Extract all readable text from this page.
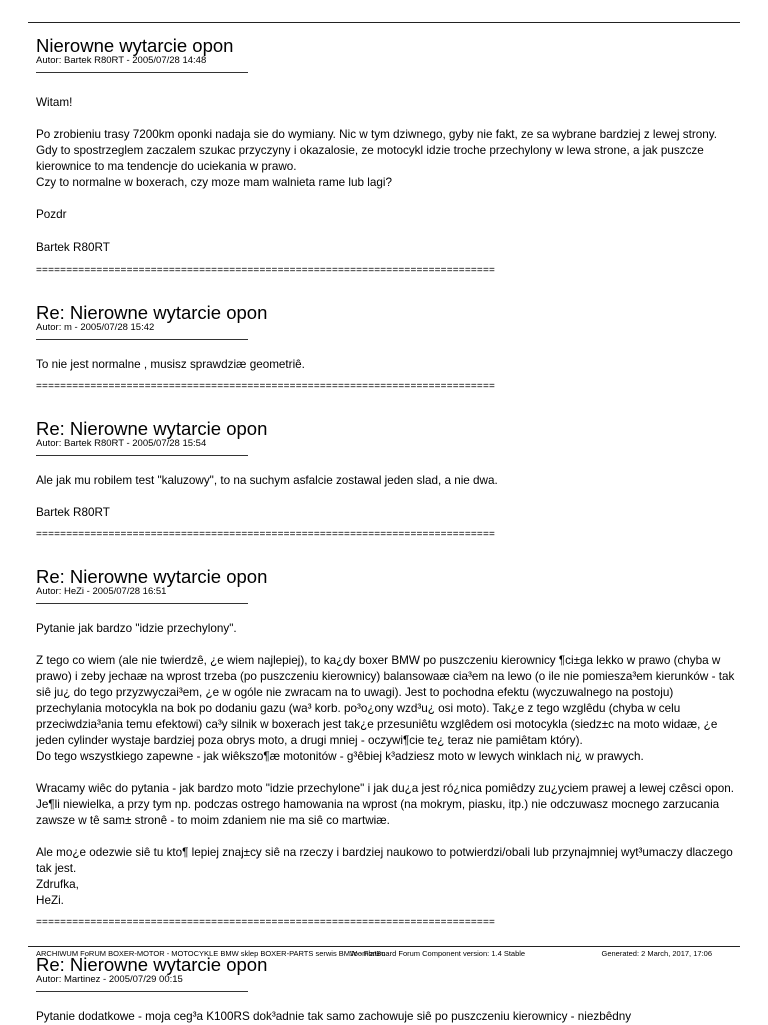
Nierowne wytarcie opon
Autor: Bartek R80RT - 2005/07/28 14:48

Witam!

Po zrobieniu trasy 7200km oponki nadaja sie do wymiany. Nic w tym dziwnego, gyby nie fakt, ze sa wybrane bardziej z lewej strony. Gdy to spostrzeglem zaczalem szukac przyczyny i okazalosie, ze motocykl idzie troche przechylony w lewa strone, a jak puszcze kierownice to ma tendencje do uciekania w prawo.
Czy to normalne w boxerach, czy moze mam walnieta rame lub lagi?

Pozdr

Bartek R80RT

============================================================================
Re: Nierowne wytarcie opon
Autor: m - 2005/07/28 15:42

To nie jest normalne , musisz sprawdziæ geometriê.

============================================================================
Re: Nierowne wytarcie opon
Autor: Bartek R80RT - 2005/07/28 15:54

Ale jak mu robilem test "kaluzowy", to na suchym asfalcie zostawal jeden slad, a nie dwa.

Bartek R80RT

============================================================================
Re: Nierowne wytarcie opon
Autor: HeZi - 2005/07/28 16:51

Pytanie jak bardzo "idzie przechylony".

Z tego co wiem (ale nie twierdzê, ¿e wiem najlepiej), to ka¿dy boxer BMW po puszczeniu kierownicy ¶ci±ga lekko w prawo (chyba w prawo) i zeby jechaæ na wprost trzeba (po puszczeniu kierownicy) balansowaæ cia³em na lewo (o ile nie pomiesza³em kierunków - tak siê ju¿ do tego przyzwyczai³em, ¿e w ogóle nie zwracam na to uwagi). Jest to pochodna efektu (wyczuwalnego na postoju) przechylania motocykla na bok po dodaniu gazu (wa³ korb. po³o¿ony wzd³u¿ osi moto). Tak¿e z tego wzglêdu (chyba w celu przeciwdzia³ania temu efektowi) ca³y silnik w boxerach jest tak¿e przesuniêtu wzglêdem osi motocykla (siedz±c na moto widaæ, ¿e jeden cylinder wystaje bardziej poza obrys moto, a drugi mniej - oczywi¶cie te¿ teraz nie pamiêtam który).
Do tego wszystkiego zapewne - jak wiêkszo¶æ motonitów - g³êbiej k³adziesz moto w lewych winklach ni¿ w prawych.

Wracamy wiêc do pytania - jak bardzo moto "idzie przechylone" i jak du¿a jest ró¿nica pomiêdzy zu¿yciem prawej a lewej czêsci opon. Je¶li niewielka, a przy tym np. podczas ostrego hamowania na wprost (na mokrym, piasku, itp.) nie odczuwasz mocnego zarzucania zawsze w tê sam± stronê - to moim zdaniem nie ma siê co martwiæ.

Ale mo¿e odezwie siê tu kto¶ lepiej znaj±cy siê na rzeczy i bardziej naukowo to potwierdzi/obali lub przynajmniej wyt³umaczy dlaczego tak jest.
Zdrufka,
HeZi.

============================================================================
Re: Nierowne wytarcie opon
Autor: Martinez - 2005/07/29 00:15

Pytanie dodatkowe - moja ceg³a K100RS dok³adnie tak samo zachowuje siê po puszczeniu kierownicy - niezbêdny

ARCHIWUM FoRUM BOXER-MOTOR - MOTOCYKLE BMW sklep BOXER-PARTS serwis BMW - Forum
Joomla!Board Forum Component version: 1.4 Stable	Generated: 2 March, 2017, 17:06
